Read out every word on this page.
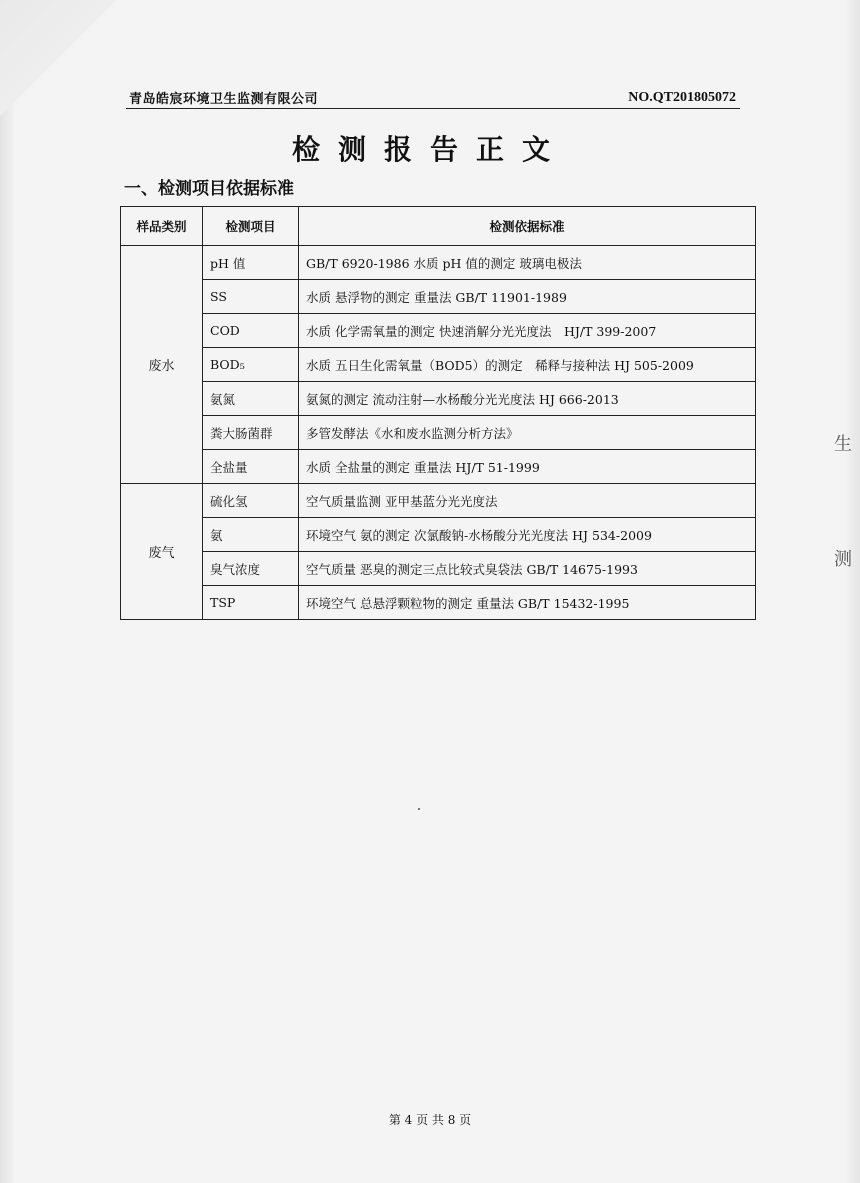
青岛皓宸环境卫生监测有限公司	NO.QT201805072
检测报告正文
一、检测项目依据标准
样品类别	检测项目	检测依据标准
废水	pH 值	GB/T 6920-1986 水质 pH 值的测定 玻璃电极法
	SS	水质 悬浮物的测定 重量法 GB/T 11901-1989
	COD	水质 化学需氧量的测定 快速消解分光光度法　HJ/T 399-2007
	BOD₅	水质 五日生化需氧量（BOD5）的测定　稀释与接种法 HJ 505-2009
	氨氮	氨氮的测定 流动注射—水杨酸分光光度法 HJ 666-2013
	粪大肠菌群	多管发酵法《水和废水监测分析方法》
	全盐量	水质 全盐量的测定 重量法 HJ/T 51-1999
废气	硫化氢	空气质量监测 亚甲基蓝分光光度法
	氨	环境空气 氨的测定 次氯酸钠-水杨酸分光光度法 HJ 534-2009
	臭气浓度	空气质量 恶臭的测定三点比较式臭袋法 GB/T 14675-1993
	TSP	环境空气 总悬浮颗粒物的测定 重量法 GB/T 15432-1995
生
测
第 4 页 共 8 页
